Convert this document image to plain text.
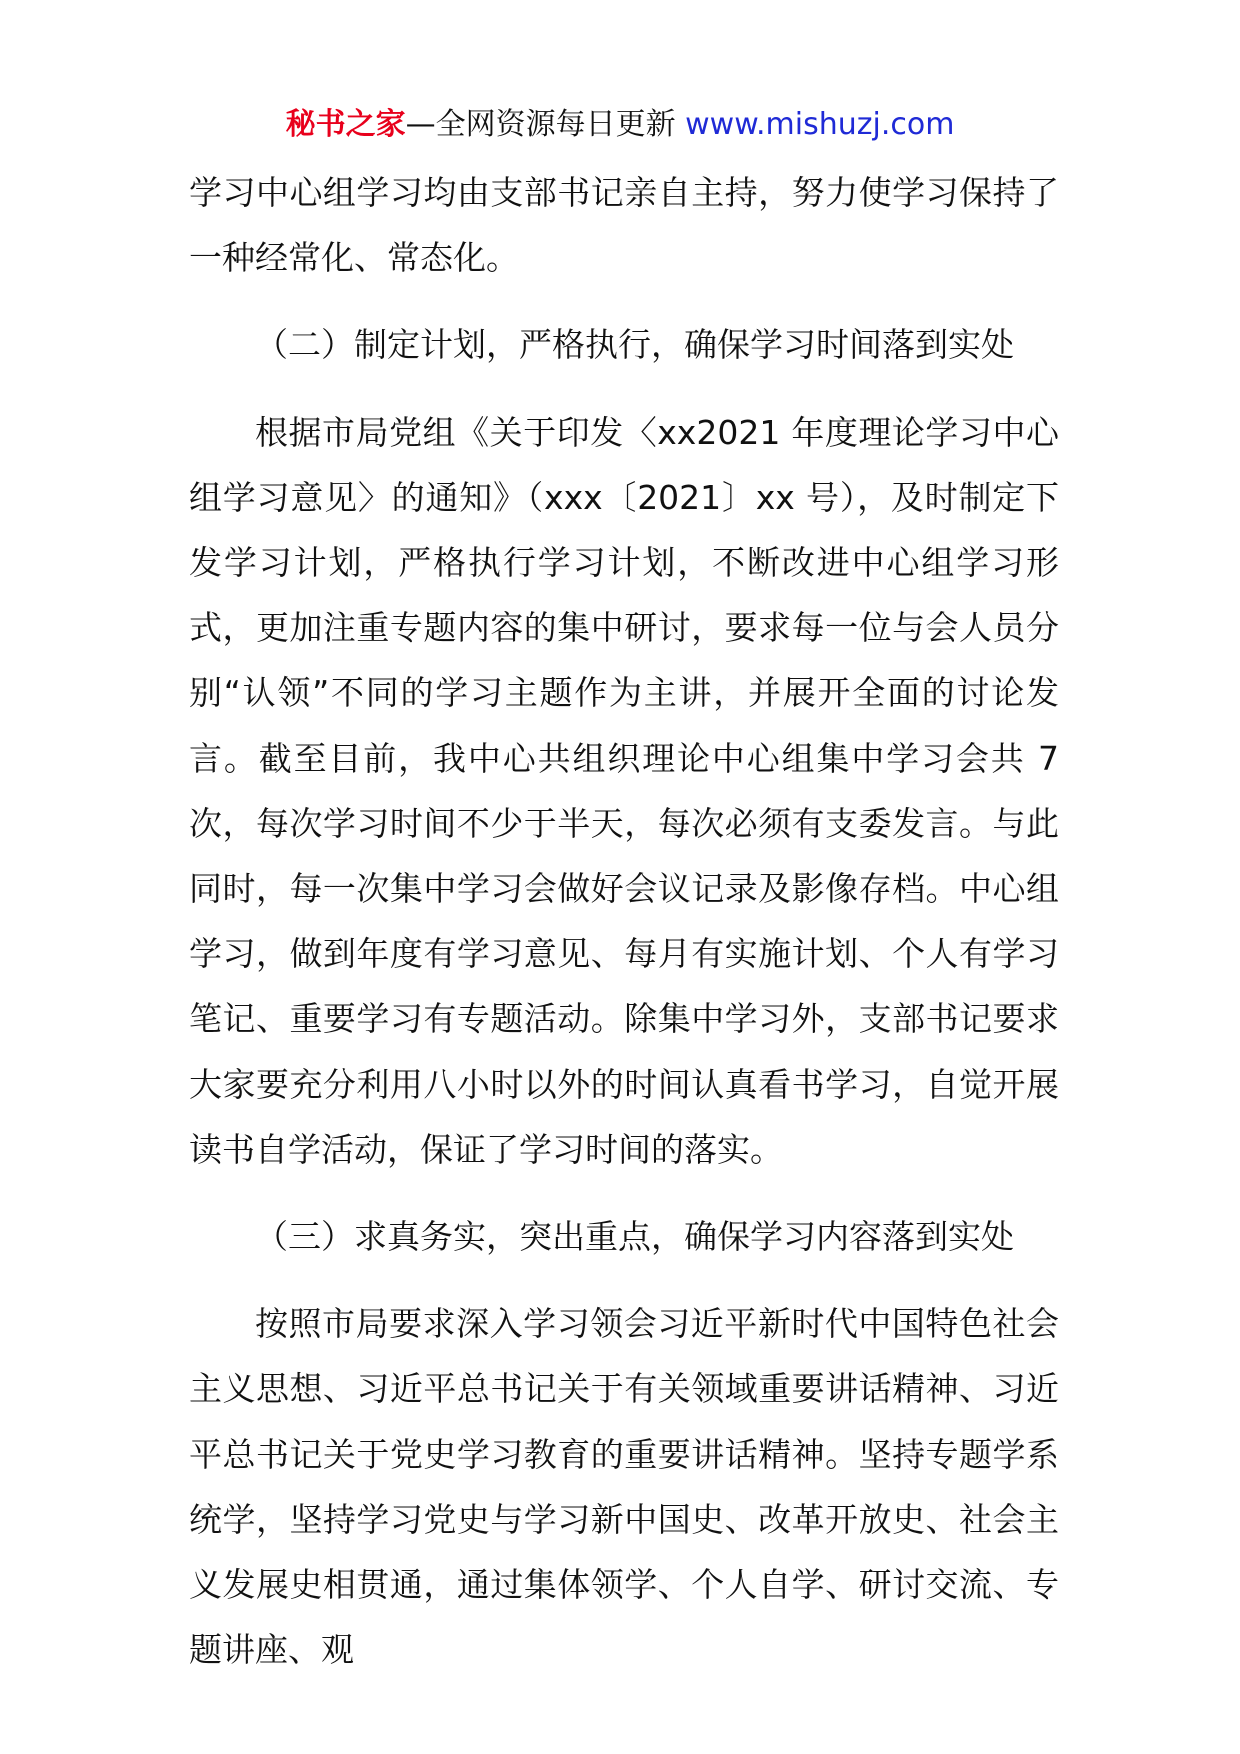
秘书之家—全网资源每日更新 www.mishuzj.com

学习中心组学习均由支部书记亲自主持，努力使学习保持了一种经常化、常态化。

（二）制定计划，严格执行，确保学习时间落到实处

根据市局党组《关于印发〈xx2021 年度理论学习中心组学习意见〉的通知》（xxx〔2021〕xx 号），及时制定下发学习计划，严格执行学习计划，不断改进中心组学习形式，更加注重专题内容的集中研讨，要求每一位与会人员分别“认领”不同的学习主题作为主讲，并展开全面的讨论发言。截至目前，我中心共组织理论中心组集中学习会共 7 次，每次学习时间不少于半天，每次必须有支委发言。与此同时，每一次集中学习会做好会议记录及影像存档。中心组学习，做到年度有学习意见、每月有实施计划、个人有学习笔记、重要学习有专题活动。除集中学习外，支部书记要求大家要充分利用八小时以外的时间认真看书学习，自觉开展读书自学活动，保证了学习时间的落实。

（三）求真务实，突出重点，确保学习内容落到实处

按照市局要求深入学习领会习近平新时代中国特色社会主义思想、习近平总书记关于有关领域重要讲话精神、习近平总书记关于党史学习教育的重要讲话精神。坚持专题学系统学，坚持学习党史与学习新中国史、改革开放史、社会主义发展史相贯通，通过集体领学、个人自学、研讨交流、专题讲座、观
